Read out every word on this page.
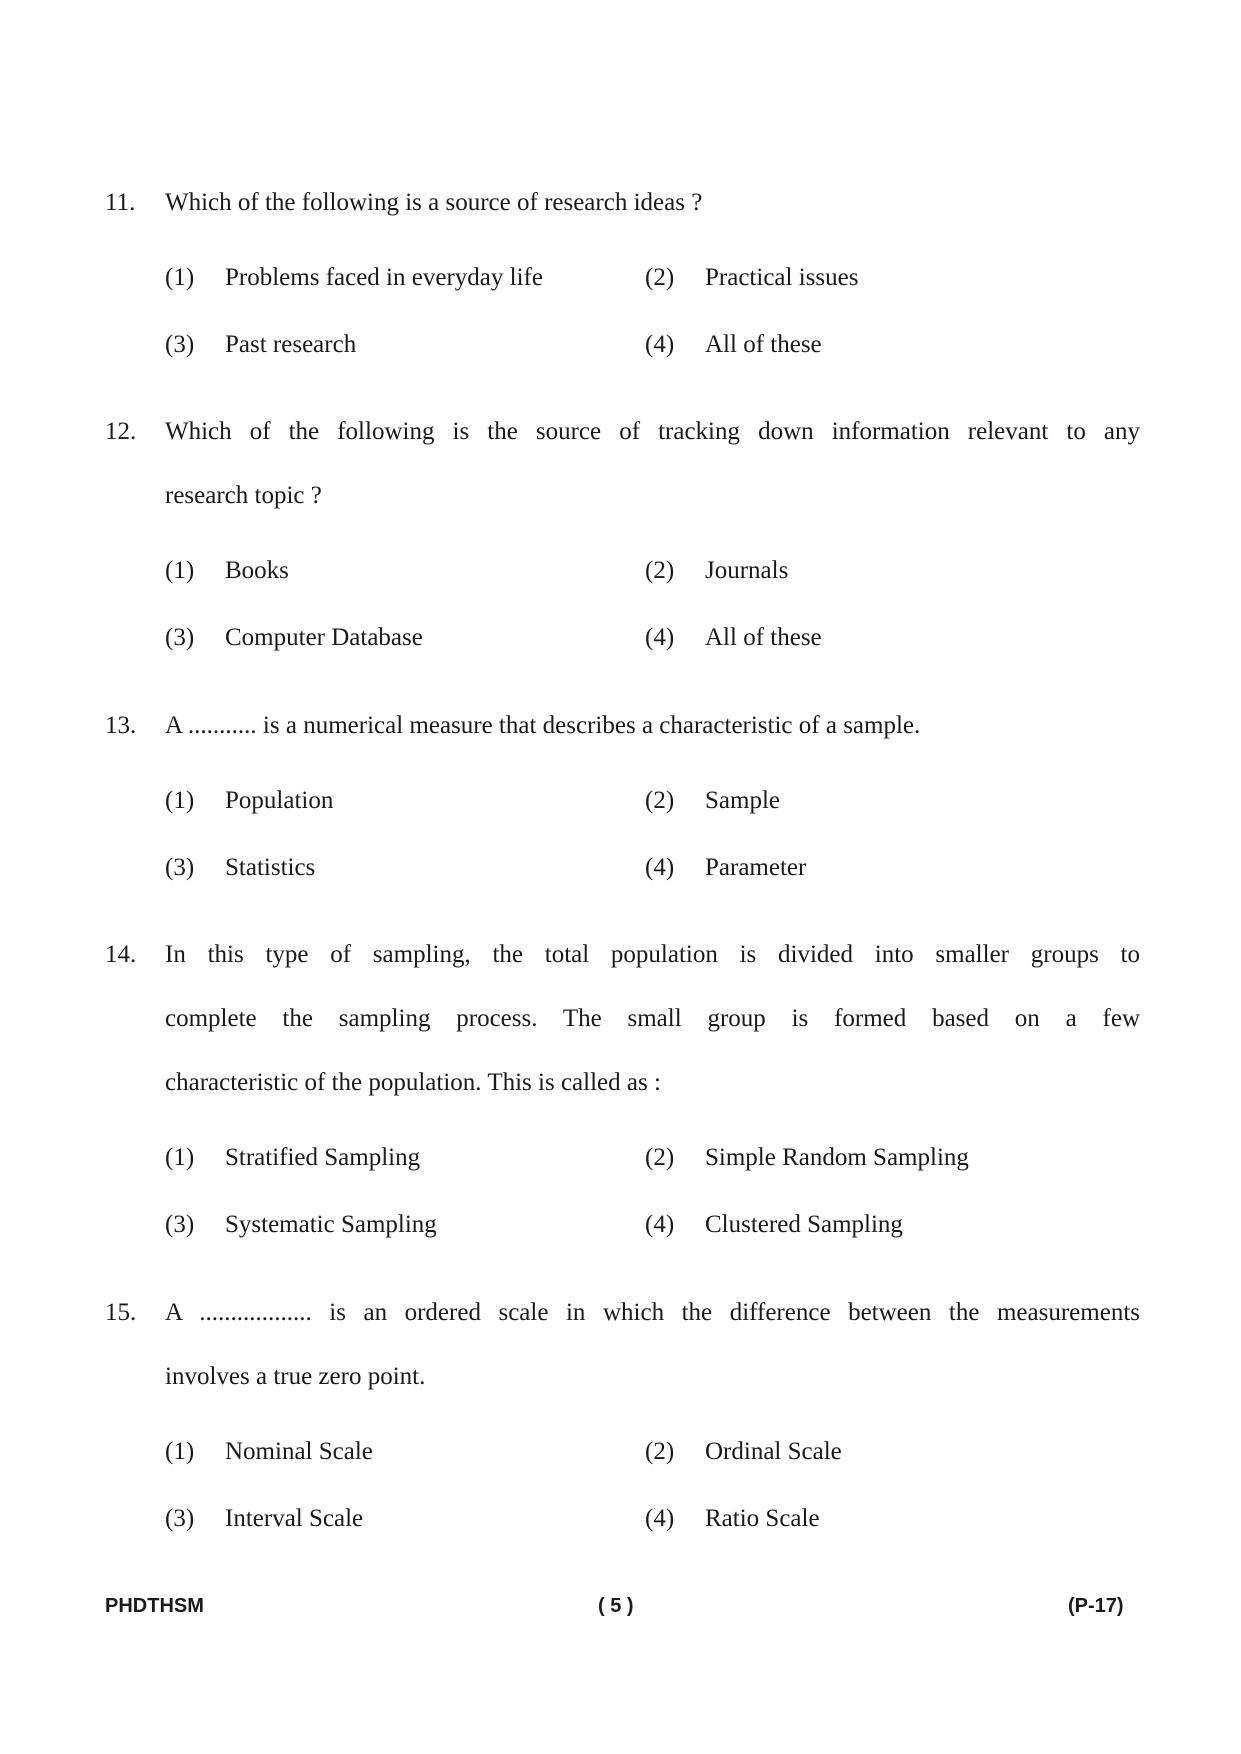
11. Which of the following is a source of research ideas ?
(1) Problems faced in everyday life	(2) Practical issues
(3) Past research	(4) All of these
12. Which of the following is the source of tracking down information relevant to any
research topic ?
(1) Books	(2) Journals
(3) Computer Database	(4) All of these
13. A ........... is a numerical measure that describes a characteristic of a sample.
(1) Population	(2) Sample
(3) Statistics	(4) Parameter
14. In this type of sampling, the total population is divided into smaller groups to
complete the sampling process. The small group is formed based on a few
characteristic of the population. This is called as :
(1) Stratified Sampling	(2) Simple Random Sampling
(3) Systematic Sampling	(4) Clustered Sampling
15. A .................. is an ordered scale in which the difference between the measurements
involves a true zero point.
(1) Nominal Scale	(2) Ordinal Scale
(3) Interval Scale	(4) Ratio Scale
PHDTHSM	( 5 )	(P-17)
